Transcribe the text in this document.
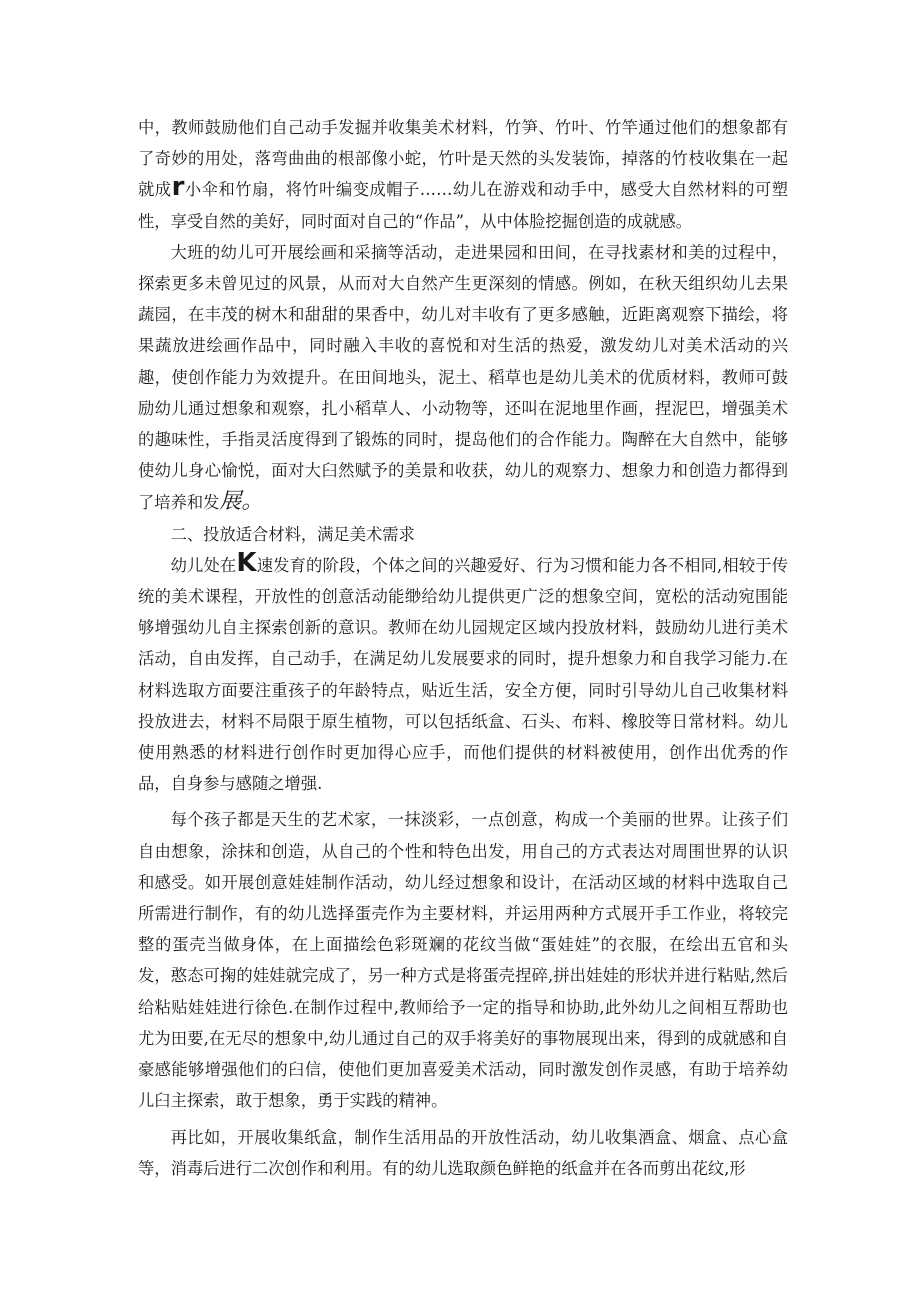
中，教师鼓励他们自己动手发掘并收集美术材料，竹笋、竹叶、竹竿通过他们的想象都有了奇妙的用处，落弯曲曲的根部像小蛇，竹叶是天然的头发装饰，掉落的竹枝收集在一起就成r小伞和竹扇，将竹叶编变成帽子……幼儿在游戏和动手中，感受大自然材料的可塑性，享受自然的美好，同时面对自己的“作品”，从中体脸挖掘创造的成就感。

大班的幼儿可开展绘画和采摘等活动，走进果园和田间，在寻找素材和美的过程中，探索更多未曾见过的风景，从而对大自然产生更深刻的情感。例如，在秋天组织幼儿去果蔬园，在丰茂的树木和甜甜的果香中，幼儿对丰收有了更多感触，近距离观察下描绘，将果蔬放进绘画作品中，同时融入丰收的喜悦和对生活的热爱，激发幼儿对美术活动的兴趣，使创作能力为效提升。在田间地头，泥土、稻草也是幼儿美术的优质材料，教师可鼓励幼儿通过想象和观察，扎小稻草人、小动物等，还叫在泥地里作画，捏泥巴，增强美术的趣味性，手指灵活度得到了锻炼的同时，提岛他们的合作能力。陶醉在大自然中，能够使幼儿身心愉悦，面对大臼然赋予的美景和收获，幼儿的观察力、想象力和创造力都得到了培养和发展。

二、投放适合材料，满足美术需求

幼儿处在K速发育的阶段，个体之间的兴趣爱好、行为习惯和能力各不相同,相较于传统的美术课程，开放性的创意活动能缈给幼儿提供更广泛的想象空间，宽松的活动宛围能够增强幼儿自主探索创新的意识。教师在幼儿园规定区域内投放材料，鼓励幼儿进行美术活动，自由发挥，自己动手，在满足幼儿发展要求的同时，提升想象力和自我学习能力.在材料选取方面要注重孩子的年龄特点，贴近生活，安全方便，同时引导幼儿自己收集材料投放进去，材料不局限于原生植物，可以包括纸盒、石头、布料、橡胶等日常材料。幼儿使用熟悉的材料进行创作时更加得心应手，而他们提供的材料被使用，创作出优秀的作品，自身参与感随之增强.

每个孩子都是天生的艺术家，一抹淡彩，一点创意，构成一个美丽的世界。让孩子们自由想象，涂抹和创造，从自己的个性和特色出发，用自己的方式表达对周围世界的认识和感受。如开展创意娃娃制作活动，幼儿经过想象和设计，在活动区域的材料中选取自己所需进行制作，有的幼儿选择蛋壳作为主要材料，并运用两种方式展开手工作业，将较完整的蛋壳当做身体，在上面描绘色彩斑斓的花纹当做“蛋娃娃”的衣服，在绘出五官和头发，憨态可掬的娃娃就完成了，另一种方式是将蛋壳捏碎,拼出娃娃的形状并进行粘贴,然后给粘贴娃娃进行徐色.在制作过程中,教师给予一定的指导和协助,此外幼儿之间相互帮助也尤为田要,在无尽的想象中,幼儿通过自己的双手将美好的事物展现出来，得到的成就感和自豪感能够增强他们的臼信，使他们更加喜爱美术活动，同时激发创作灵感，有助于培养幼儿臼主探索，敢于想象，勇于实践的精神。

再比如，开展收集纸盒，制作生活用品的开放性活动，幼儿收集酒盒、烟盒、点心盒等，消毒后进行二次创作和利用。有的幼儿选取颜色鲜艳的纸盒并在各而剪出花纹,形
